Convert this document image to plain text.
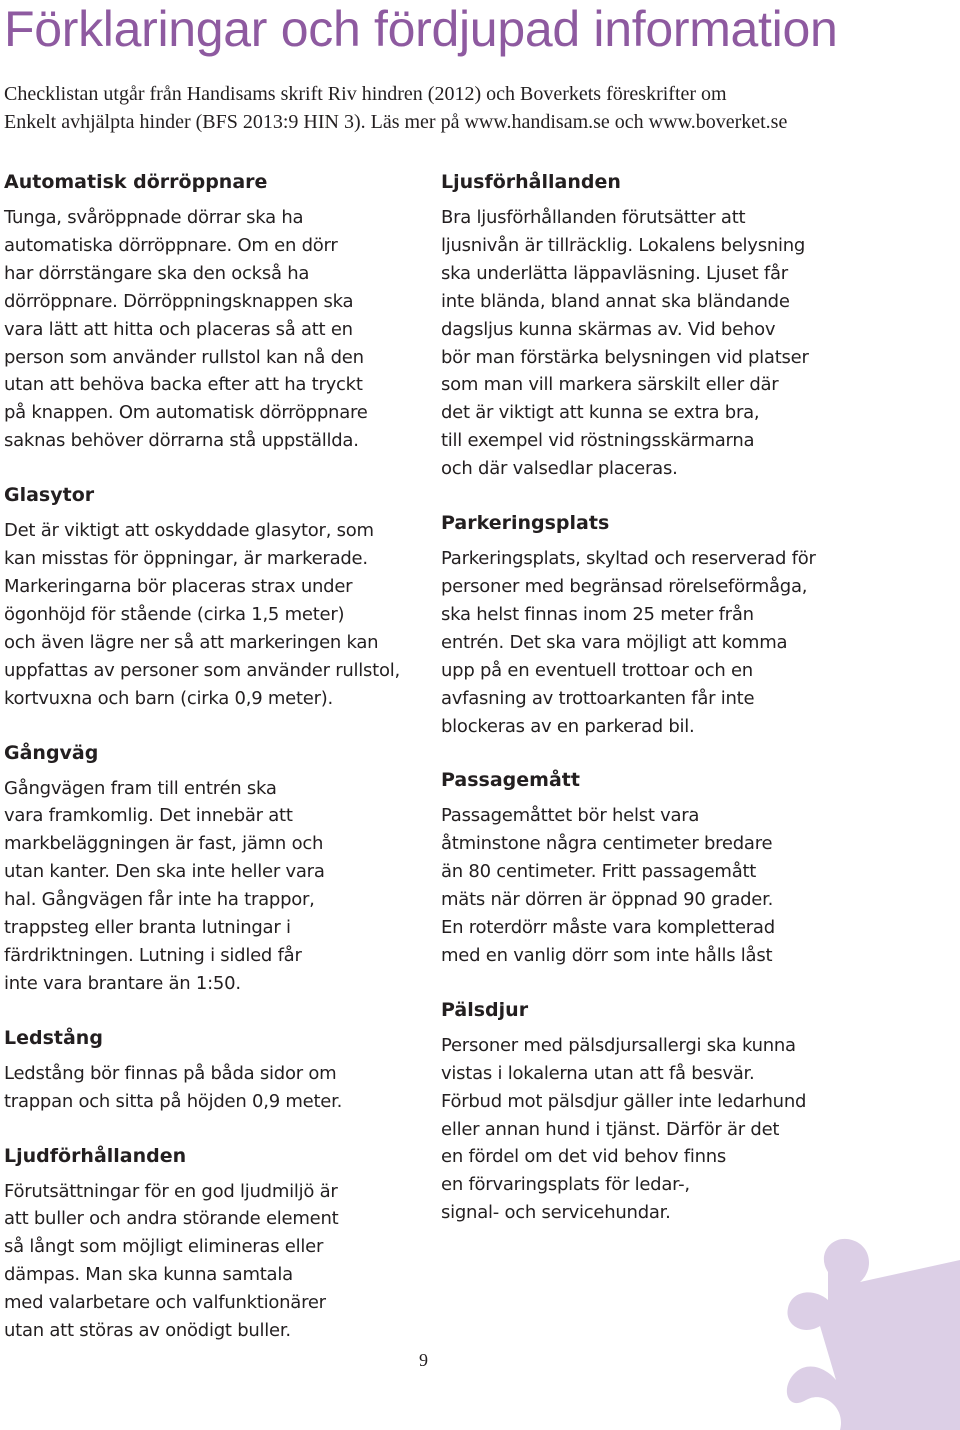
Förklaringar och fördjupad information
Checklistan utgår från Handisams skrift Riv hindren (2012) och Boverkets föreskrifter om
Enkelt avhjälpta hinder (BFS 2013:9 HIN 3). Läs mer på www.handisam.se och www.boverket.se
Automatisk dörröppnare

Tunga, svåröppnade dörrar ska ha
automatiska dörröppnare. Om en dörr
har dörrstängare ska den också ha
dörröppnare. Dörröppningsknappen ska
vara lätt att hitta och placeras så att en
person som använder rullstol kan nå den
utan att behöva backa efter att ha tryckt
på knappen. Om automatisk dörröppnare
saknas behöver dörrarna stå uppställda.

Glasytor

Det är viktigt att oskyddade glasytor, som
kan misstas för öppningar, är markerade.
Markeringarna bör placeras strax under
ögonhöjd för stående (cirka 1,5 meter)
och även lägre ner så att markeringen kan
uppfattas av personer som använder rullstol,
kortvuxna och barn (cirka 0,9 meter).

Gångväg

Gångvägen fram till entrén ska
vara framkomlig. Det innebär att
markbeläggningen är fast, jämn och
utan kanter. Den ska inte heller vara
hal. Gångvägen får inte ha trappor,
trappsteg eller branta lutningar i
färdriktningen. Lutning i sidled får
inte vara brantare än 1:50.

Ledstång

Ledstång bör finnas på båda sidor om
trappan och sitta på höjden 0,9 meter.

Ljudförhållanden

Förutsättningar för en god ljudmiljö är
att buller och andra störande element
så långt som möjligt elimineras eller
dämpas. Man ska kunna samtala
med valarbetare och valfunktionärer
utan att störas av onödigt buller.

Ljusförhållanden

Bra ljusförhållanden förutsätter att
ljusnivån är tillräcklig. Lokalens belysning
ska underlätta läppavläsning. Ljuset får
inte blända, bland annat ska bländande
dagsljus kunna skärmas av. Vid behov
bör man förstärka belysningen vid platser
som man vill markera särskilt eller där
det är viktigt att kunna se extra bra,
till exempel vid röstningsskärmarna
och där valsedlar placeras.

Parkeringsplats

Parkeringsplats, skyltad och reserverad för
personer med begränsad rörelseförmåga,
ska helst finnas inom 25 meter från
entrén. Det ska vara möjligt att komma
upp på en eventuell trottoar och en
avfasning av trottoarkanten får inte
blockeras av en parkerad bil.

Passagemått

Passagemåttet bör helst vara
åtminstone några centimeter bredare
än 80 centimeter. Fritt passagemått
mäts när dörren är öppnad 90 grader.
En roterdörr måste vara kompletterad
med en vanlig dörr som inte hålls låst

Pälsdjur

Personer med pälsdjursallergi ska kunna
vistas i lokalerna utan att få besvär.
Förbud mot pälsdjur gäller inte ledarhund
eller annan hund i tjänst. Därför är det
en fördel om det vid behov finns
en förvaringsplats för ledar-,
signal- och servicehundar.

9
